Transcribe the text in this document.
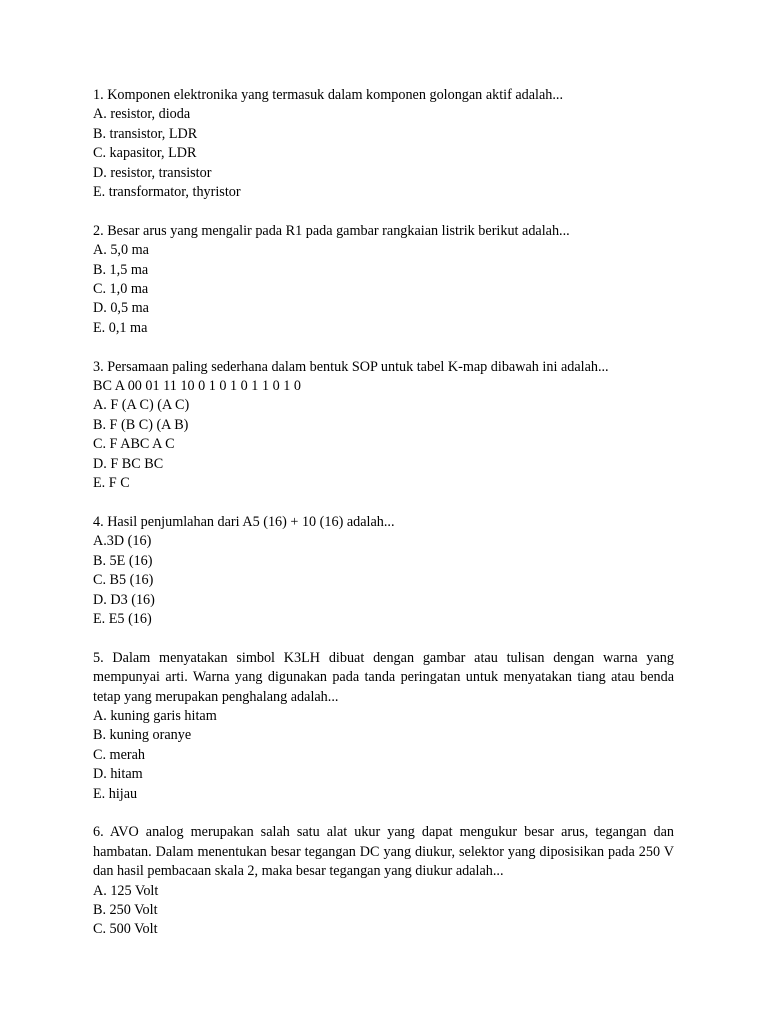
1. Komponen elektronika yang termasuk dalam komponen golongan aktif adalah...
A. resistor, dioda
B. transistor, LDR
C. kapasitor, LDR
D. resistor, transistor
E. transformator, thyristor
2. Besar arus yang mengalir pada R1 pada gambar rangkaian listrik berikut adalah...
A. 5,0 ma
B. 1,5 ma
C. 1,0 ma
D. 0,5 ma
E. 0,1 ma
3. Persamaan paling sederhana dalam bentuk SOP untuk tabel K-map dibawah ini adalah...
BC A 00 01 11 10 0 1 0 1 0 1 1 0 1 0
A. F (A C) (A C)
B. F (B C) (A B)
C. F ABC A C
D. F BC BC
E. F C
4. Hasil penjumlahan dari A5 (16) + 10 (16) adalah...
A.3D (16)
B. 5E (16)
C. B5 (16)
D. D3 (16)
E. E5 (16)
5. Dalam menyatakan simbol K3LH dibuat dengan gambar atau tulisan dengan warna yang mempunyai arti. Warna yang digunakan pada tanda peringatan untuk menyatakan tiang atau benda tetap yang merupakan penghalang adalah...
A. kuning garis hitam
B. kuning oranye
C. merah
D. hitam
E. hijau
6. AVO analog merupakan salah satu alat ukur yang dapat mengukur besar arus, tegangan dan hambatan. Dalam menentukan besar tegangan DC yang diukur, selektor yang diposisikan pada 250 V dan hasil pembacaan skala 2, maka besar tegangan yang diukur adalah...
A. 125 Volt
B. 250 Volt
C. 500 Volt
